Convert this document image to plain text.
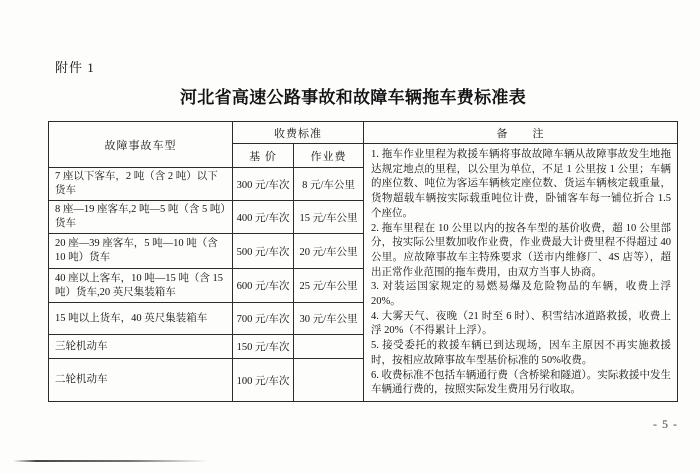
附件 1
河北省高速公路事故和故障车辆拖车费标准表
故障事故车型	收费标准		备　　注
基 价	作业费	1. 拖车作业里程为救援车辆将事故故障车辆从故障事故发生地拖达规定地点的里程，以公里为单位，不足 1 公里按 1 公里；车辆的座位数、吨位为客运车辆核定座位数、货运车辆核定载重量，货物超载车辆按实际载重吨位计费，卧铺客车每一铺位折合 1.5 个座位。

2. 拖车里程在 10 公里以内的按各车型的基价收费，超 10 公里部分，按实际公里数加收作业费，作业费最大计费里程不得超过 40 公里。应故障事故车主特殊要求（送市内维修厂、4S 店等），超出正常作业范围的拖车费用，由双方当事人协商。

3. 对装运国家规定的易燃易爆及危险物品的车辆，收费上浮 20%。

4. 大雾天气、夜晚（21 时至 6 时）、积雪结冰道路救援，收费上浮 20%（不得累计上浮）。

5. 接受委托的救援车辆已到达现场，因车主原因不再实施救援时，按相应故障事故车型基价标准的 50%收费。

6. 收费标准不包括车辆通行费（含桥梁和隧道）。实际救援中发生车辆通行费的，按照实际发生费用另行收取。

7 座以下客车，2 吨（含 2 吨）以下货车	300 元/车次	8 元/车公里	
8 座—19 座客车,2 吨—5 吨（含 5 吨）货车	400 元/车次	15 元/车公里	
20 座—39 座客车，5 吨—10 吨（含 10 吨）货车	500 元/车次	20 元/车公里	
40 座以上客车，10 吨—15 吨（含 15 吨）货车,20 英尺集装箱车	600 元/车次	25 元/车公里	
15 吨以上货车，40 英尺集装箱车	700 元/车次	30 元/车公里	
三轮机动车	150 元/车次		
二轮机动车	100 元/车次		
- 5 -
